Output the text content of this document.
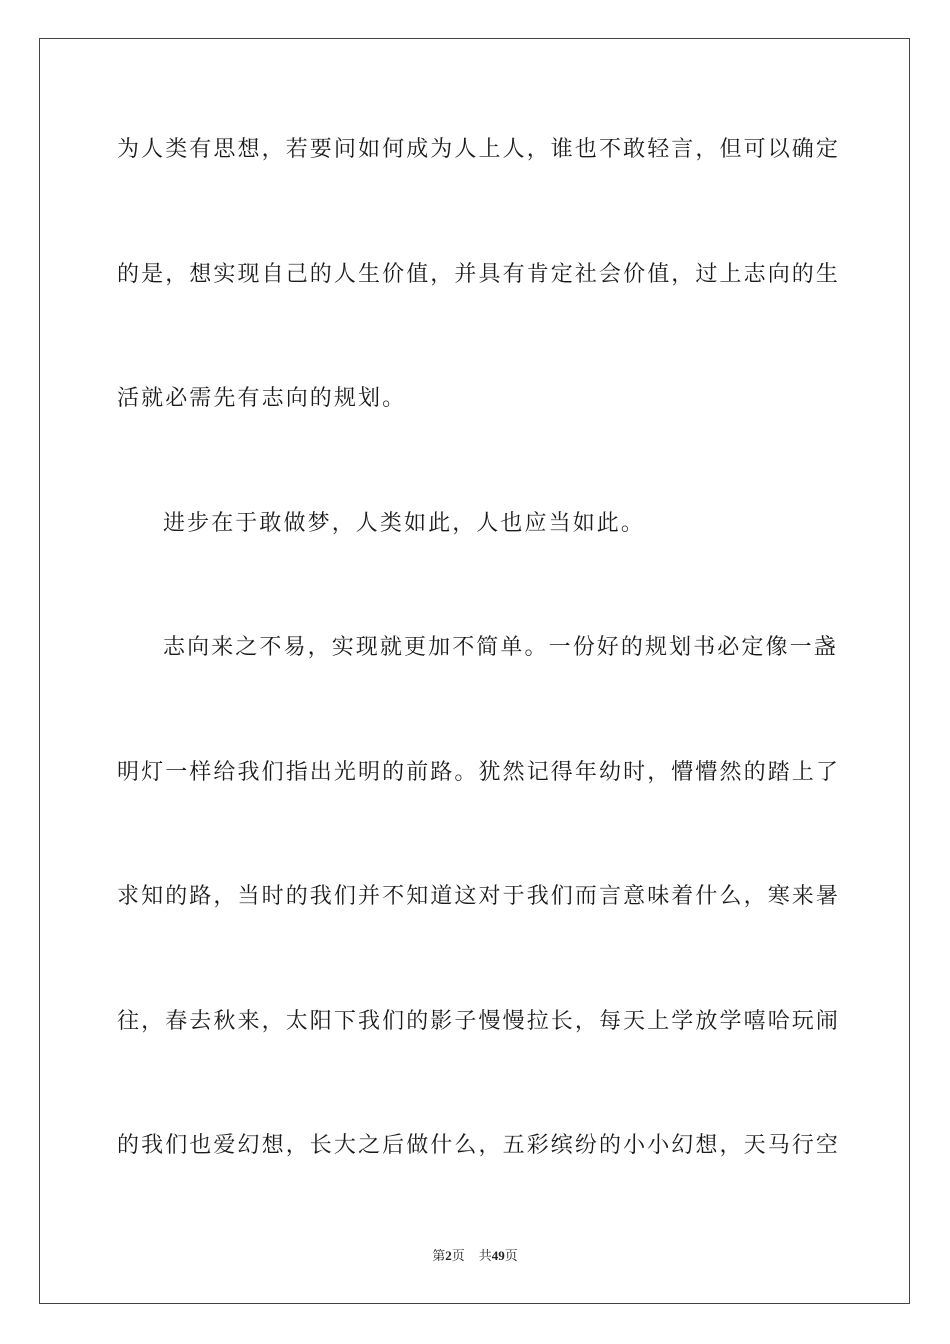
为人类有思想，若要问如何成为人上人，谁也不敢轻言，但可以确定
的是，想实现自己的人生价值，并具有肯定社会价值，过上志向的生
活就必需先有志向的规划。
进步在于敢做梦，人类如此，人也应当如此。
志向来之不易，实现就更加不简单。一份好的规划书必定像一盏
明灯一样给我们指出光明的前路。犹然记得年幼时，懵懵然的踏上了
求知的路，当时的我们并不知道这对于我们而言意味着什么，寒来暑
往，春去秋来，太阳下我们的影子慢慢拉长，每天上学放学嘻哈玩闹
的我们也爱幻想，长大之后做什么，五彩缤纷的小小幻想，天马行空
第2页 共49页
